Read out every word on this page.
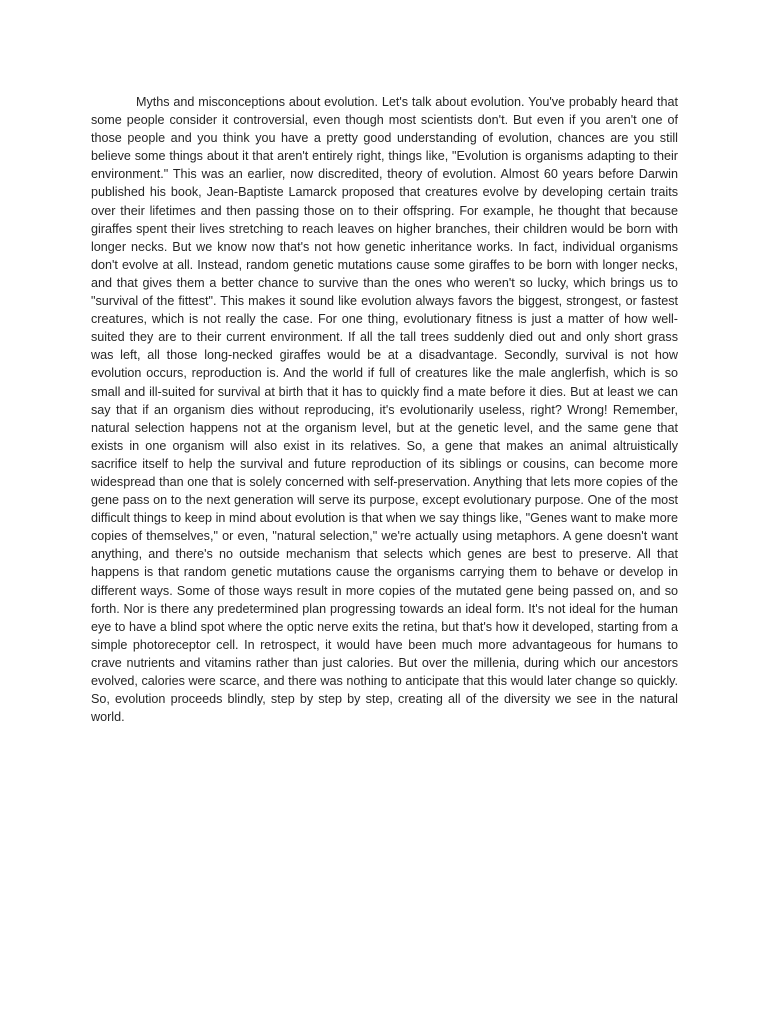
Myths and misconceptions about evolution. Let's talk about evolution. You've probably heard that some people consider it controversial, even though most scientists don't. But even if you aren't one of those people and you think you have a pretty good understanding of evolution, chances are you still believe some things about it that aren't entirely right, things like, "Evolution is organisms adapting to their environment." This was an earlier, now discredited, theory of evolution. Almost 60 years before Darwin published his book, Jean-Baptiste Lamarck proposed that creatures evolve by developing certain traits over their lifetimes and then passing those on to their offspring. For example, he thought that because giraffes spent their lives stretching to reach leaves on higher branches, their children would be born with longer necks. But we know now that's not how genetic inheritance works. In fact, individual organisms don't evolve at all. Instead, random genetic mutations cause some giraffes to be born with longer necks, and that gives them a better chance to survive than the ones who weren't so lucky, which brings us to "survival of the fittest". This makes it sound like evolution always favors the biggest, strongest, or fastest creatures, which is not really the case. For one thing, evolutionary fitness is just a matter of how well-suited they are to their current environment. If all the tall trees suddenly died out and only short grass was left, all those long-necked giraffes would be at a disadvantage. Secondly, survival is not how evolution occurs, reproduction is. And the world if full of creatures like the male anglerfish, which is so small and ill-suited for survival at birth that it has to quickly find a mate before it dies. But at least we can say that if an organism dies without reproducing, it's evolutionarily useless, right? Wrong! Remember, natural selection happens not at the organism level, but at the genetic level, and the same gene that exists in one organism will also exist in its relatives. So, a gene that makes an animal altruistically sacrifice itself to help the survival and future reproduction of its siblings or cousins, can become more widespread than one that is solely concerned with self-preservation. Anything that lets more copies of the gene pass on to the next generation will serve its purpose, except evolutionary purpose. One of the most difficult things to keep in mind about evolution is that when we say things like, "Genes want to make more copies of themselves," or even, "natural selection," we're actually using metaphors. A gene doesn't want anything, and there's no outside mechanism that selects which genes are best to preserve. All that happens is that random genetic mutations cause the organisms carrying them to behave or develop in different ways. Some of those ways result in more copies of the mutated gene being passed on, and so forth. Nor is there any predetermined plan progressing towards an ideal form. It's not ideal for the human eye to have a blind spot where the optic nerve exits the retina, but that's how it developed, starting from a simple photoreceptor cell. In retrospect, it would have been much more advantageous for humans to crave nutrients and vitamins rather than just calories. But over the millenia, during which our ancestors evolved, calories were scarce, and there was nothing to anticipate that this would later change so quickly. So, evolution proceeds blindly, step by step by step, creating all of the diversity we see in the natural world.
